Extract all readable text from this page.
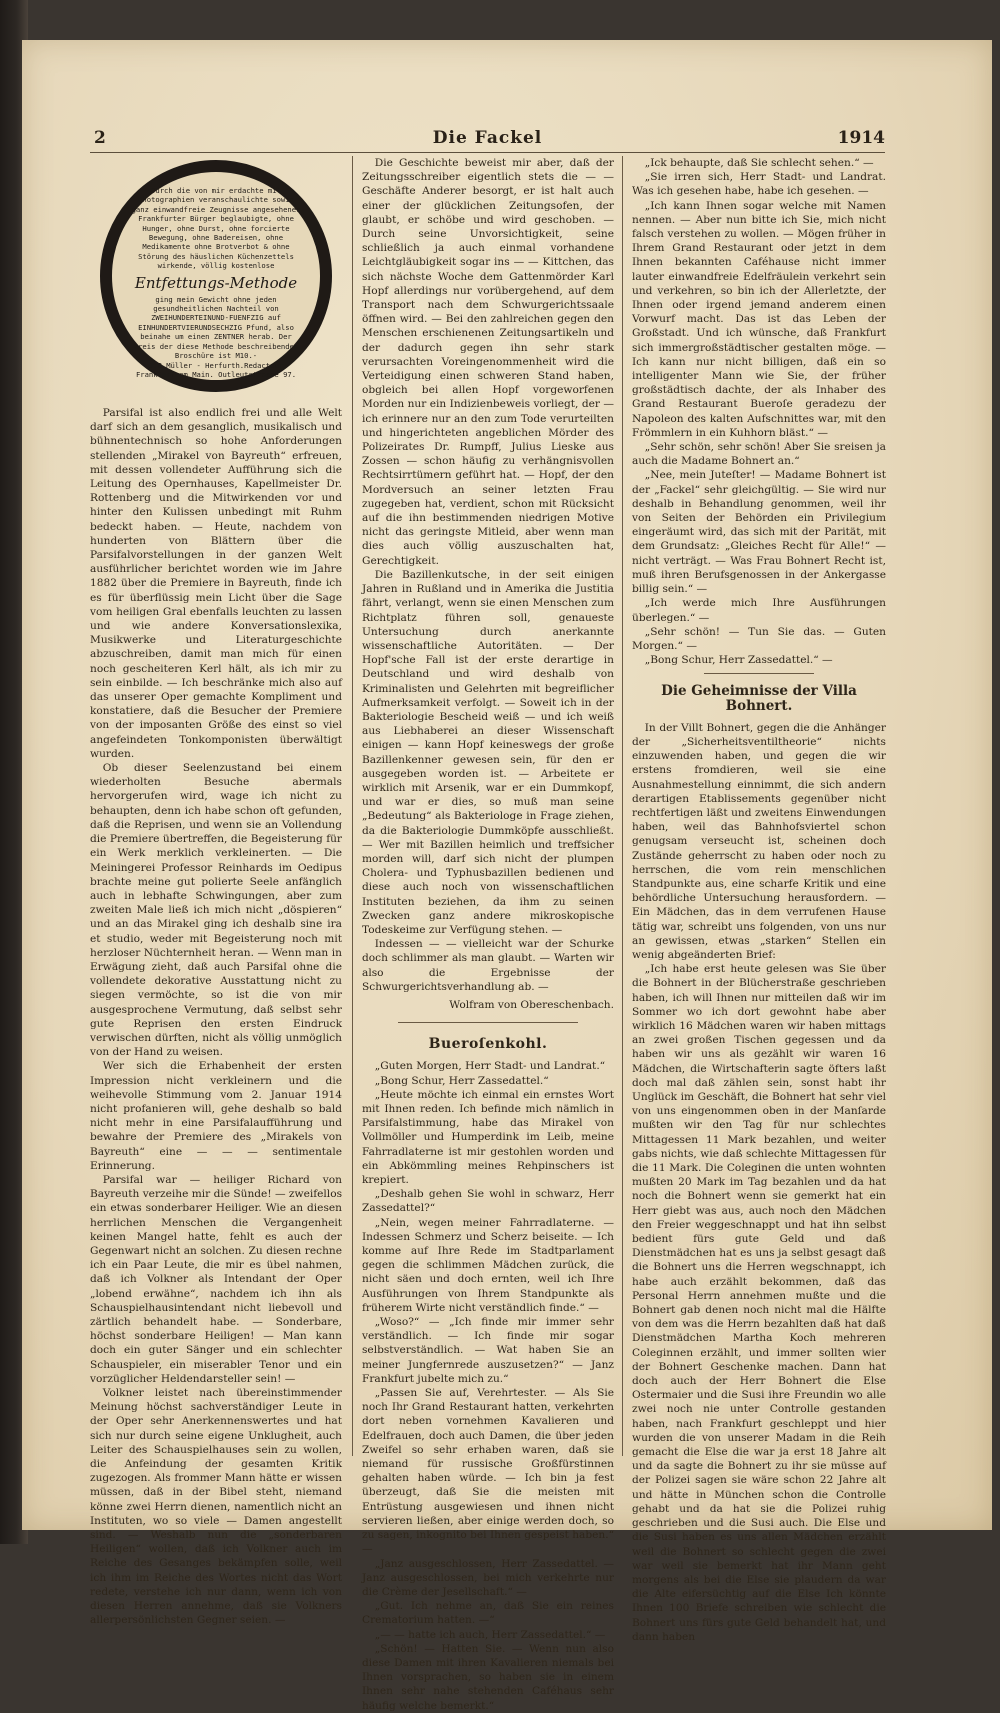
2	Die Fackel	1914
Durch die von mir erdachte mit Photographien veranschaulichte sowie ganz einwandfreie Zeugnisse angesehener Frankfurter Bürger beglaubigte, ohne Hunger, ohne Durst, ohne forcierte Bewegung, ohne Badereisen, ohne Medikamente ohne Brotverbot & ohne Störung des häuslichen Küchenzettels wirkende, völlig kostenlose
Entfettungs-Methode
ging mein Gewicht ohne jeden gesundheitlichen Nachteil von ZWEIHUNDERTEINUND-FUENFZIG auf EINHUNDERTVIERUNDSECHZIG Pfund, also beinahe um einen ZENTNER herab. Der Preis der diese Methode beschreibenden Broschüre ist M10.-
J.B.Müller - Herfurth.Redacteur Frankfurt am Main. Outleutstrasse 97.

Parsifal ist also endlich frei und alle Welt darf sich an dem gesanglich, musikalisch und bühnentechnisch so hohe Anforderungen stellenden „Mirakel von Bayreuth“ erfreuen, mit dessen vollendeter Aufführung sich die Leitung des Opernhauses, Kapellmeister Dr. Rottenberg und die Mitwirkenden vor und hinter den Kulissen unbedingt mit Ruhm bedeckt haben. — Heute, nachdem von hunderten von Blättern über die Parsifalvorstellungen in der ganzen Welt ausführlicher berichtet worden wie im Jahre 1882 über die Premiere in Bayreuth, finde ich es für überflüssig mein Licht über die Sage vom heiligen Gral ebenfalls leuchten zu lassen und wie andere Konversationslexika, Musikwerke und Literaturgeschichte abzuschreiben, damit man mich für einen noch gescheiteren Kerl hält, als ich mir zu sein einbilde. — Ich beschränke mich also auf das unserer Oper gemachte Kompliment und konstatiere, daß die Besucher der Premiere von der imposanten Größe des einst so viel angefeindeten Tonkomponisten überwältigt wurden.

Ob dieser Seelenzustand bei einem wiederholten Besuche abermals hervorgerufen wird, wage ich nicht zu behaupten, denn ich habe schon oft gefunden, daß die Reprisen, und wenn sie an Vollendung die Premiere übertreffen, die Begeisterung für ein Werk merklich verkleinerten. — Die Meiningerei Professor Reinhards im Oedipus brachte meine gut polierte Seele anfänglich auch in lebhafte Schwingungen, aber zum zweiten Male ließ ich mich nicht „döspieren“ und an das Mirakel ging ich deshalb sine ira et studio, weder mit Begeisterung noch mit herzloser Nüchternheit heran. — Wenn man in Erwägung zieht, daß auch Parsifal ohne die vollendete dekorative Ausstattung nicht zu siegen vermöchte, so ist die von mir ausgesprochene Vermutung, daß selbst sehr gute Reprisen den ersten Eindruck verwischen dürften, nicht als völlig unmöglich von der Hand zu weisen.

Wer sich die Erhabenheit der ersten Impression nicht verkleinern und die weihevolle Stimmung vom 2. Januar 1914 nicht profanieren will, gehe deshalb so bald nicht mehr in eine Parsifalaufführung und bewahre der Premiere des „Mirakels von Bayreuth“ eine — — — sentimentale Erinnerung.

Parsifal war — heiliger Richard von Bayreuth verzeihe mir die Sünde! — zweifellos ein etwas sonderbarer Heiliger. Wie an diesen herrlichen Menschen die Vergangenheit keinen Mangel hatte, fehlt es auch der Gegenwart nicht an solchen. Zu diesen rechne ich ein Paar Leute, die mir es übel nahmen, daß ich Volkner als Intendant der Oper „lobend erwähne“, nachdem ich ihn als Schauspielhausintendant nicht liebevoll und zärtlich behandelt habe. — Sonderbare, höchst sonderbare Heiligen! — Man kann doch ein guter Sänger und ein schlechter Schauspieler, ein miserabler Tenor und ein vorzüglicher Heldendarsteller sein! —

Volkner leistet nach übereinstimmender Meinung höchst sachverständiger Leute in der Oper sehr Anerkennenswertes und hat sich nur durch seine eigene Unklugheit, auch Leiter des Schauspielhauses sein zu wollen, die Anfeindung der gesamten Kritik zugezogen. Als frommer Mann hätte er wissen müssen, daß in der Bibel steht, niemand könne zwei Herrn dienen, namentlich nicht an Instituten, wo so viele — Damen angestellt sind. — Weshalb nun die „sonderbaren Heiligen“ wollen, daß ich Volkner auch im Reiche des Gesanges bekämpfen solle, weil ich ihm im Reiche des Wortes nicht das Wort redete, verstehe ich nur dann, wenn ich von diesen Herren annehme, daß sie Volkners allerpersönlichsten Gegner seien. —

Die Geschichte beweist mir aber, daß der Zeitungsschreiber eigentlich stets die — — Geschäfte Anderer besorgt, er ist halt auch einer der glücklichen Zeitungsofen, der glaubt, er schöbe und wird geschoben. — Durch seine Unvorsichtigkeit, seine schließlich ja auch einmal vorhandene Leichtgläubigkeit sogar ins — — Kittchen, das sich nächste Woche dem Gattenmörder Karl Hopf allerdings nur vorübergehend, auf dem Transport nach dem Schwurgerichtssaale öffnen wird. — Bei den zahlreichen gegen den Menschen erschienenen Zeitungsartikeln und der dadurch gegen ihn sehr stark verursachten Voreingenommenheit wird die Verteidigung einen schweren Stand haben, obgleich bei allen Hopf vorgeworfenen Morden nur ein Indizienbeweis vorliegt, der — ich erinnere nur an den zum Tode verurteilten und hingerichteten angeblichen Mörder des Polizeirates Dr. Rumpff, Julius Lieske aus Zossen — schon häufig zu verhängnisvollen Rechtsirrtümern geführt hat. — Hopf, der den Mordversuch an seiner letzten Frau zugegeben hat, verdient, schon mit Rücksicht auf die ihn bestimmenden niedrigen Motive nicht das geringste Mitleid, aber wenn man dies auch völlig auszuschalten hat, Gerechtigkeit.

Die Bazillenkutsche, in der seit einigen Jahren in Rußland und in Amerika die Justitia fährt, verlangt, wenn sie einen Menschen zum Richtplatz führen soll, genaueste Untersuchung durch anerkannte wissenschaftliche Autoritäten. — Der Hopf'sche Fall ist der erste derartige in Deutschland und wird deshalb von Kriminalisten und Gelehrten mit begreiflicher Aufmerksamkeit verfolgt. — Soweit ich in der Bakteriologie Bescheid weiß — und ich weiß aus Liebhaberei an dieser Wissenschaft einigen — kann Hopf keineswegs der große Bazillenkenner gewesen sein, für den er ausgegeben worden ist. — Arbeitete er wirklich mit Arsenik, war er ein Dummkopf, und war er dies, so muß man seine „Bedeutung“ als Bakteriologe in Frage ziehen, da die Bakteriologie Dummköpfe ausschließt. — Wer mit Bazillen heimlich und treffsicher morden will, darf sich nicht der plumpen Cholera- und Typhusbazillen bedienen und diese auch noch von wissenschaftlichen Instituten beziehen, da ihm zu seinen Zwecken ganz andere mikroskopische Todeskeime zur Verfügung stehen. —

Indessen — — vielleicht war der Schurke doch schlimmer als man glaubt. — Warten wir also die Ergebnisse der Schwurgerichtsverhandlung ab. —

Wolfram von Obereschenbach.
Bueroſenkohl.

„Guten Morgen, Herr Stadt- und Landrat.“

„Bong Schur, Herr Zassedattel.“

„Heute möchte ich einmal ein ernstes Wort mit Ihnen reden. Ich befinde mich nämlich in Parsifalstimmung, habe das Mirakel von Vollmöller und Humperdink im Leib, meine Fahrradlaterne ist mir gestohlen worden und ein Abkömmling meines Rehpinschers ist krepiert.

„Deshalb gehen Sie wohl in schwarz, Herr Zassedattel?“

„Nein, wegen meiner Fahrradlaterne. — Indessen Schmerz und Scherz beiseite. — Ich komme auf Ihre Rede im Stadtparlament gegen die schlimmen Mädchen zurück, die nicht säen und doch ernten, weil ich Ihre Ausführungen von Ihrem Standpunkte als früherem Wirte nicht verständlich finde.“ —

„Woso?“ — „Ich finde mir immer sehr verständlich. — Ich finde mir sogar selbstverständlich. — Wat haben Sie an meiner Jungfernrede auszusetzen?“ — Janz Frankfurt jubelte mich zu.“

„Passen Sie auf, Verehrtester. — Als Sie noch Ihr Grand Restaurant hatten, verkehrten dort neben vornehmen Kavalieren und Edelfrauen, doch auch Damen, die über jeden Zweifel so sehr erhaben waren, daß sie niemand für russische Großfürstinnen gehalten haben würde. — Ich bin ja fest überzeugt, daß Sie die meisten mit Entrüstung ausgewiesen und ihnen nicht servieren ließen, aber einige werden doch, so zu sagen, inkognito bei Ihnen gespeist haben.“ —

„Janz ausgeschlossen, Herr Zassedattel. — Janz ausgeschlossen, bei mich verkehrte nur die Crème der Jesellschaft.“ —

„Gut. Ich nehme an, daß Sie ein reines Crematorium hatten. —“

„— — hatte ich auch, Herr Zassedattel.“ —

„Schön! — Hatten Sie. — Wenn nun also diese Damen mit ihren Kavalieren niemals bei Ihnen vorsprachen, so haben sie in einem Ihnen sehr nahe stehenden Caféhaus sehr häufig welche bemerkt.“

„Ick behaupte, daß Sie schlecht sehen.“ —

„Sie irren sich, Herr Stadt- und Landrat. Was ich gesehen habe, habe ich gesehen. —

„Ich kann Ihnen sogar welche mit Namen nennen. — Aber nun bitte ich Sie, mich nicht falsch verstehen zu wollen. — Mögen früher in Ihrem Grand Restaurant oder jetzt in dem Ihnen bekannten Caféhause nicht immer lauter einwandfreie Edelfräulein verkehrt sein und verkehren, so bin ich der Allerletzte, der Ihnen oder irgend jemand anderem einen Vorwurf macht. Das ist das Leben der Großstadt. Und ich wünsche, daß Frankfurt sich immergroßstädtischer gestalten möge. — Ich kann nur nicht billigen, daß ein so intelligenter Mann wie Sie, der früher großstädtisch dachte, der als Inhaber des Grand Restaurant Bueroſe geradezu der Napoleon des kalten Aufschnittes war, mit den Frömmlern in ein Kuhhorn bläst.“ —

„Sehr schön, sehr schön! Aber Sie sreisen ja auch die Madame Bohnert an.“

„Nee, mein Juteſter! — Madame Bohnert ist der „Fackel“ sehr gleichgültig. — Sie wird nur deshalb in Behandlung genommen, weil ihr von Seiten der Behörden ein Privilegium eingeräumt wird, das sich mit der Parität, mit dem Grundsatz: „Gleiches Recht für Alle!“ — nicht verträgt. — Was Frau Bohnert Recht ist, muß ihren Berufsgenossen in der Ankergasse billig sein.“ —

„Ich werde mich Ihre Ausführungen überlegen.“ —

„Sehr schön! — Tun Sie das. — Guten Morgen.“ —

„Bong Schur, Herr Zassedattel.“ —

Die Geheimnisse der Villa Bohnert.

In der Villt Bohnert, gegen die die Anhänger der „Sicherheitsventiltheorie“ nichts einzuwenden haben, und gegen die wir erstens fromdieren, weil sie eine Ausnahmestellung einnimmt, die sich andern derartigen Etablissements gegenüber nicht rechtfertigen läßt und zweitens Einwendungen haben, weil das Bahnhofsviertel schon genugsam verseucht ist, scheinen doch Zustände geherrscht zu haben oder noch zu herrschen, die vom rein menschlichen Standpunkte aus, eine scharfe Kritik und eine behördliche Untersuchung herausfordern. — Ein Mädchen, das in dem verrufenen Hause tätig war, schreibt uns folgenden, von uns nur an gewissen, etwas „starken“ Stellen ein wenig abgeänderten Brief:

„Ich habe erst heute gelesen was Sie über die Bohnert in der Blücherstraße geschrieben haben, ich will Ihnen nur mitteilen daß wir im Sommer wo ich dort gewohnt habe aber wirklich 16 Mädchen waren wir haben mittags an zwei großen Tischen gegessen und da haben wir uns als gezählt wir waren 16 Mädchen, die Wirtschafterin sagte öfters laßt doch mal daß zählen sein, sonst habt ihr Unglück im Geschäft, die Bohnert hat sehr viel von uns eingenommen oben in der Manſarde mußten wir den Tag für nur schlechtes Mittagessen 11 Mark bezahlen, und weiter gabs nichts, wie daß schlechte Mittagessen für die 11 Mark. Die Coleginen die unten wohnten mußten 20 Mark im Tag bezahlen und da hat noch die Bohnert wenn sie gemerkt hat ein Herr giebt was aus, auch noch den Mädchen den Freier weggeschnappt und hat ihn selbst bedient fürs gute Geld und daß Dienstmädchen hat es uns ja selbst gesagt daß die Bohnert uns die Herren wegschnappt, ich habe auch erzählt bekommen, daß das Personal Herrn annehmen mußte und die Bohnert gab denen noch nicht mal die Hälfte von dem was die Herrn bezahlten daß hat daß Dienstmädchen Martha Koch mehreren Coleginnen erzählt, und immer sollten wier der Bohnert Geschenke machen. Dann hat doch auch der Herr Bohnert die Else Ostermaier und die Susi ihre Freundin wo alle zwei noch nie unter Controlle gestanden haben, nach Frankfurt geschleppt und hier wurden die von unserer Madam in die Reih gemacht die Else die war ja erst 18 Jahre alt und da sagte die Bohnert zu ihr sie müsse auf der Polizei sagen sie wäre schon 22 Jahre alt und hätte in München schon die Controlle gehabt und da hat sie die Polizei ruhig geschrieben und die Susi auch. Die Else und die Susi haben es uns allen Mädchen erzählt weil die Bohnert so schlecht gegen die zwei war weil sie bemerkt hat ihr Mann geht morgens als bei die Else sie plaudern da war die Alte eifersüchtig auf die Else Ich könnte Ihnen 100 Briefe schreiben wie schlecht die Bohnert uns fürs gute Geld behandelt hat, und dann haben
